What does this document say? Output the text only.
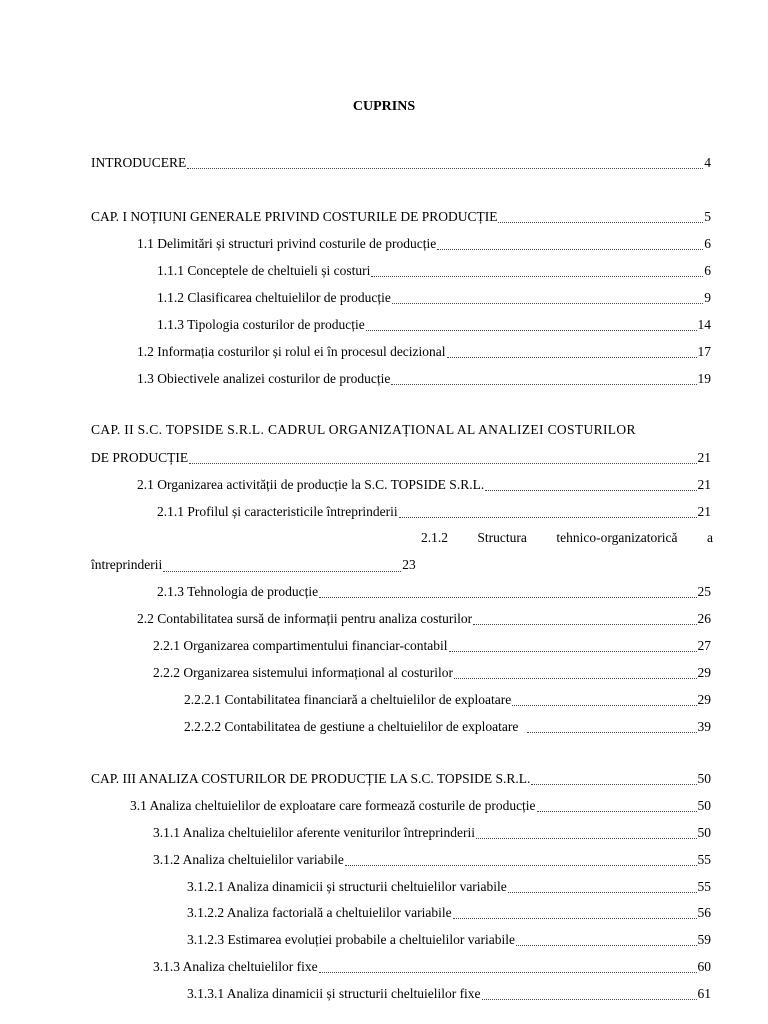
CUPRINS
INTRODUCERE	4
CAP. I NOȚIUNI GENERALE PRIVIND COSTURILE DE PRODUCȚIE	5
1.1 Delimitări și structuri privind costurile de producție	6
1.1.1 Conceptele de cheltuieli și costuri	6
1.1.2 Clasificarea cheltuielilor de producție	9
1.1.3 Tipologia costurilor de producție	14
1.2 Informația costurilor și rolul ei în procesul decizional	17
1.3 Obiectivele analizei costurilor de producție	19
CAP. II S.C. TOPSIDE S.R.L. CADRUL ORGANIZAȚIONAL AL ANALIZEI COSTURILOR
DE PRODUCȚIE	21
2.1 Organizarea activității de producție la S.C. TOPSIDE S.R.L.	21
2.1.1 Profilul și caracteristicile întreprinderii	21
2.1.2 Structura tehnico-organizatorică a
întreprinderii	23
2.1.3 Tehnologia de producție	25
2.2 Contabilitatea sursă de informații pentru analiza costurilor	26
2.2.1 Organizarea compartimentului financiar-contabil	27
2.2.2 Organizarea sistemului informațional al costurilor	29
2.2.2.1 Contabilitatea financiară a cheltuielilor de exploatare	29
2.2.2.2 Contabilitatea de gestiune a cheltuielilor de exploatare	39
CAP. III ANALIZA COSTURILOR DE PRODUCȚIE LA S.C. TOPSIDE S.R.L.	50
3.1 Analiza cheltuielilor de exploatare care formează costurile de producție	50
3.1.1 Analiza cheltuielilor aferente veniturilor întreprinderii	50
3.1.2 Analiza cheltuielilor variabile	55
3.1.2.1 Analiza dinamicii și structurii cheltuielilor variabile	55
3.1.2.2 Analiza factorială a cheltuielilor variabile	56
3.1.2.3 Estimarea evoluției probabile a cheltuielilor variabile	59
3.1.3 Analiza cheltuielilor fixe	60
3.1.3.1 Analiza dinamicii și structurii cheltuielilor fixe	61
